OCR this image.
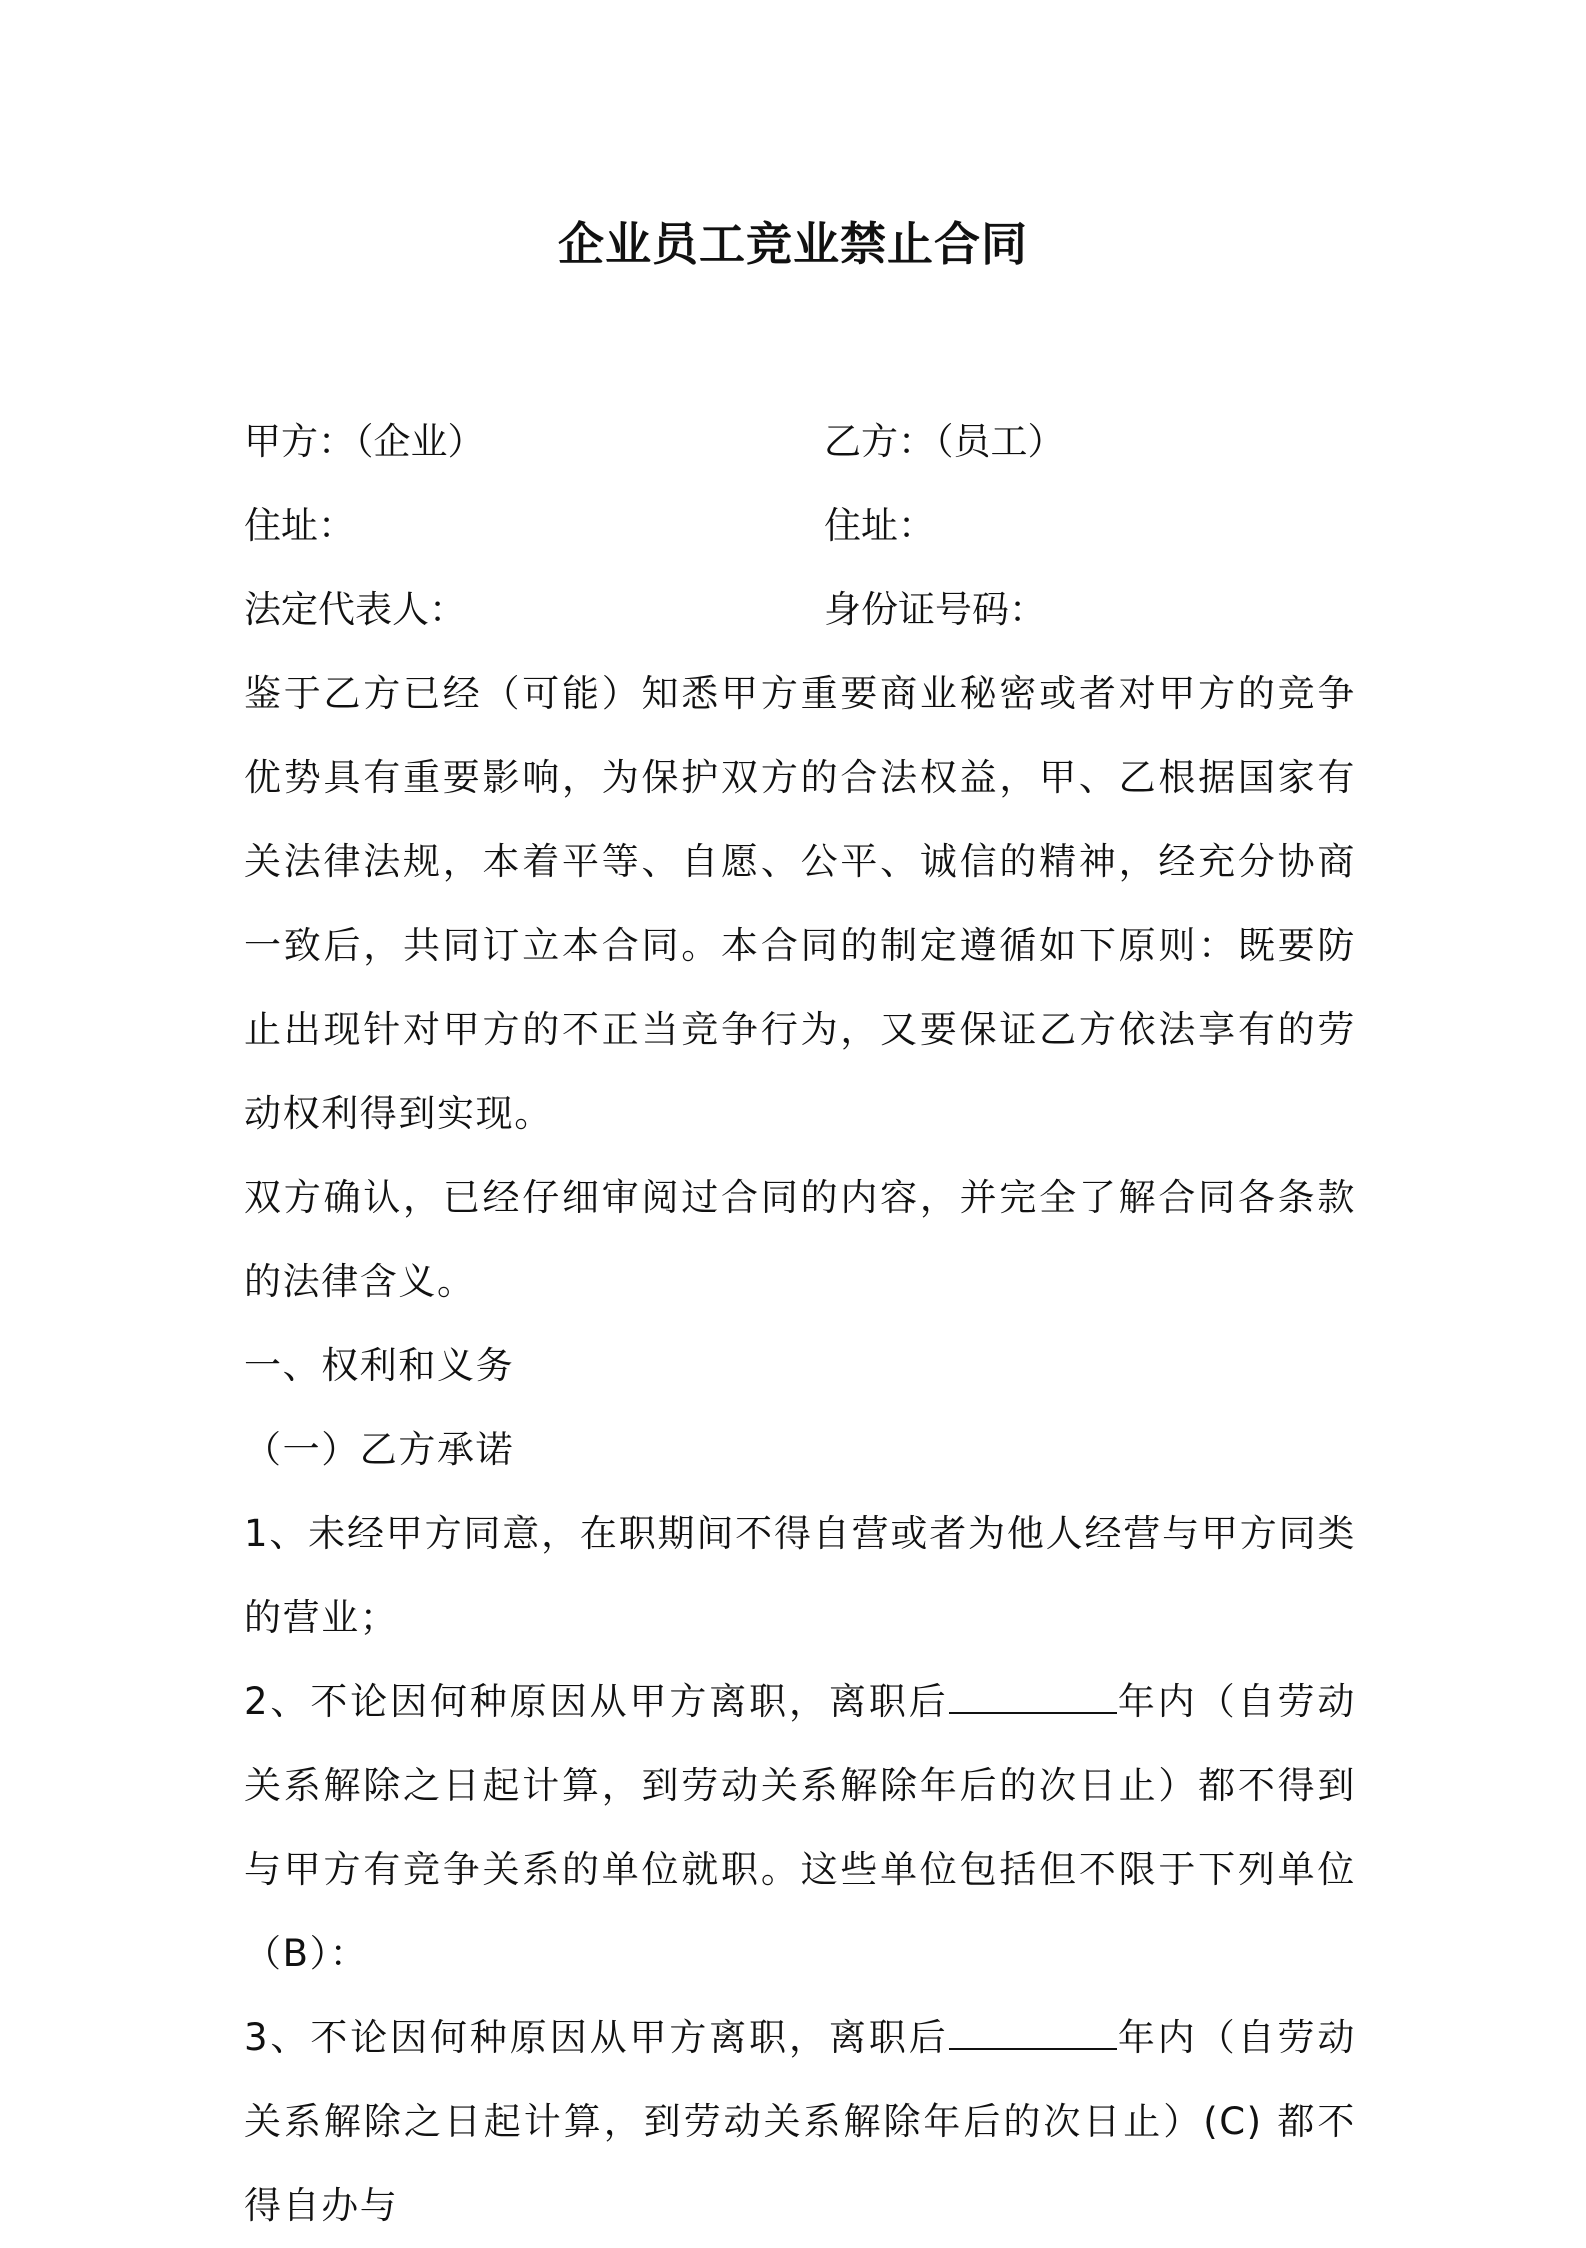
企业员工竞业禁止合同
甲方：（企业）	乙方：（员工）
住址：	住址：
法定代表人：	身份证号码：

鉴于乙方已经（可能）知悉甲方重要商业秘密或者对甲方的竞争优势具有重要影响，为保护双方的合法权益，甲、乙根据国家有关法律法规，本着平等、自愿、公平、诚信的精神，经充分协商一致后，共同订立本合同。本合同的制定遵循如下原则：既要防止出现针对甲方的不正当竞争行为，又要保证乙方依法享有的劳动权利得到实现。

双方确认，已经仔细审阅过合同的内容，并完全了解合同各条款的法律含义。

一、权利和义务

（一）乙方承诺

1、未经甲方同意，在职期间不得自营或者为他人经营与甲方同类的营业；

2、不论因何种原因从甲方离职，离职后	年内（自劳动关系解除之日起计算，到劳动关系解除年后的次日止）都不得到与甲方有竞争关系的单位就职。这些单位包括但不限于下列单位（B）：

3、不论因何种原因从甲方离职，离职后	年内（自劳动关系解除之日起计算，到劳动关系解除年后的次日止）(C) 都不得自办与
